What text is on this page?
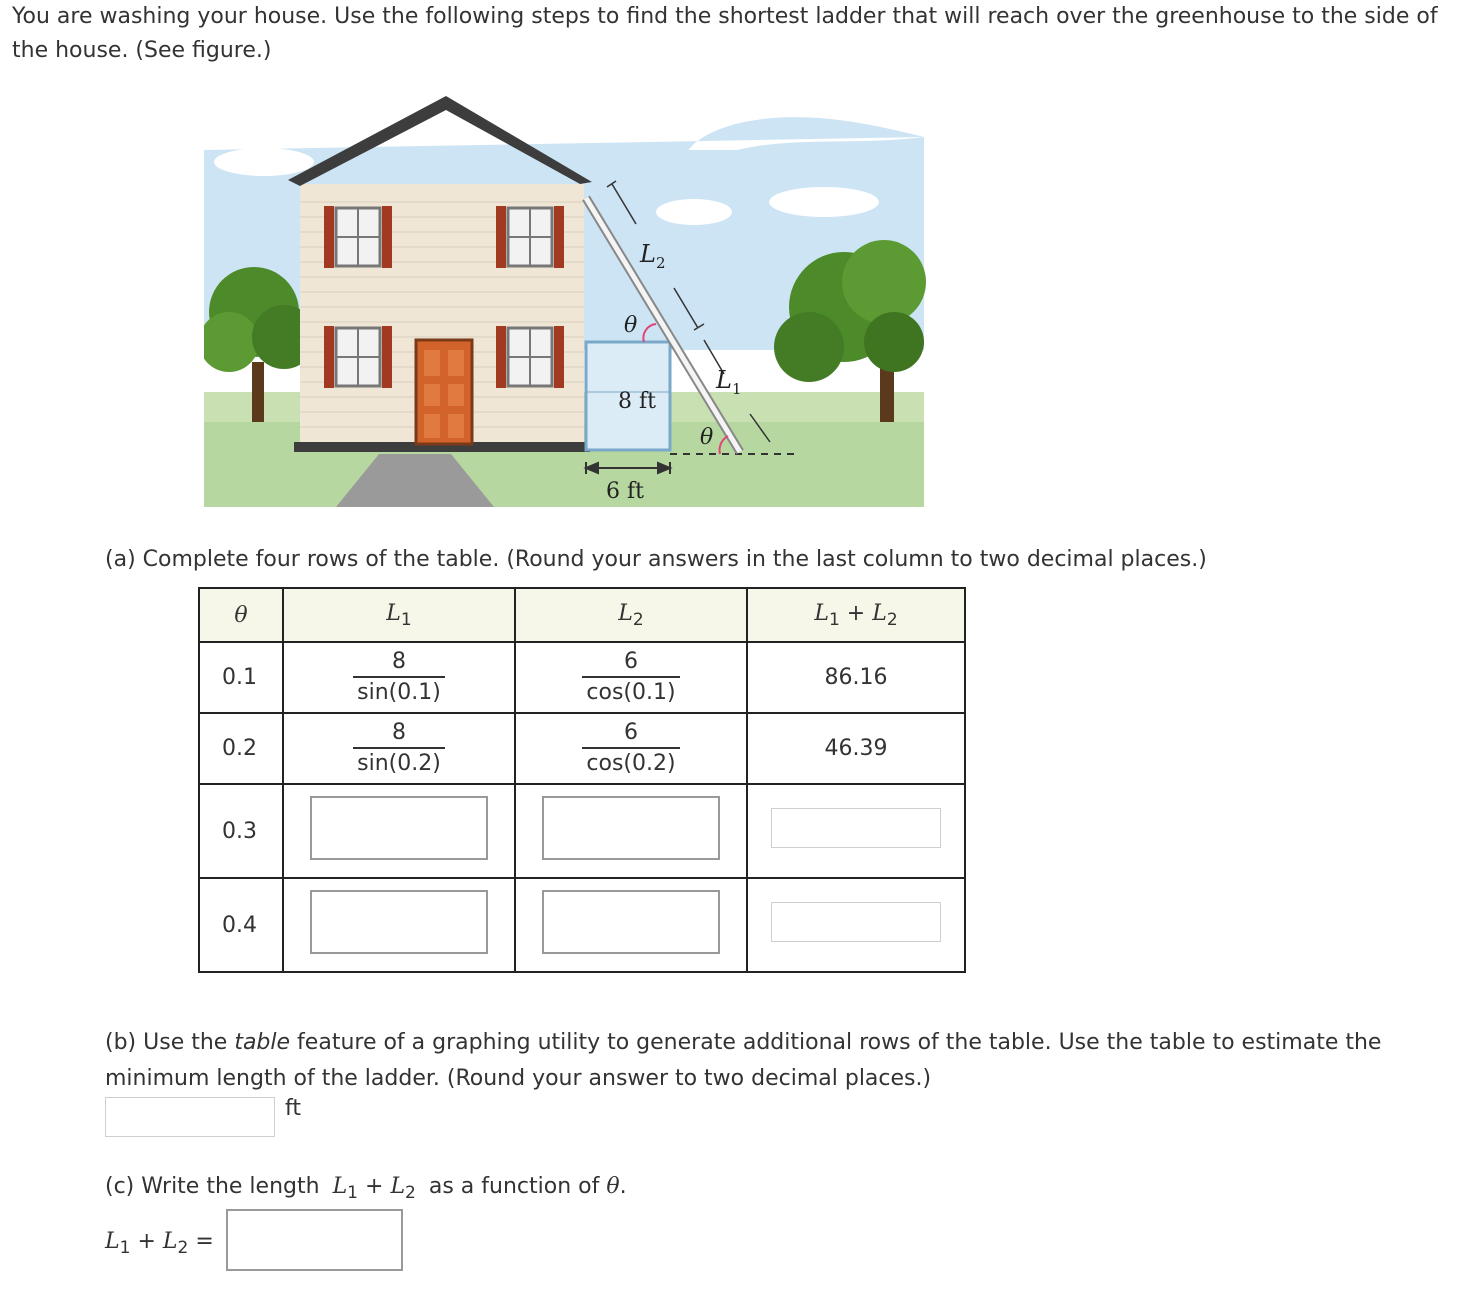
You are washing your house. Use the following steps to find the shortest ladder that will reach over the greenhouse to the side of the house. (See figure.)
$L_2$
$L_1$
θ
θ
8 ft
6 ft
(a) Complete four rows of the table. (Round your answers in the last column to two decimal places.)
θ	$L_1$	$L_2$	$L_1 + L_2$
0.1	$\frac{8}{\sin(0.1)}$	$\frac{6}{\cos(0.1)}$	86.16
0.2	$\frac{8}{\sin(0.2)}$	$\frac{6}{\cos(0.2)}$	46.39
0.3			
0.4			
(b) Use the table feature of a graphing utility to generate additional rows of the table. Use the table to estimate the minimum length of the ladder. (Round your answer to two decimal places.)
ft
(c) Write the length $L_1 + L_2$ as a function of θ.
$L_1 + L_2$ =
